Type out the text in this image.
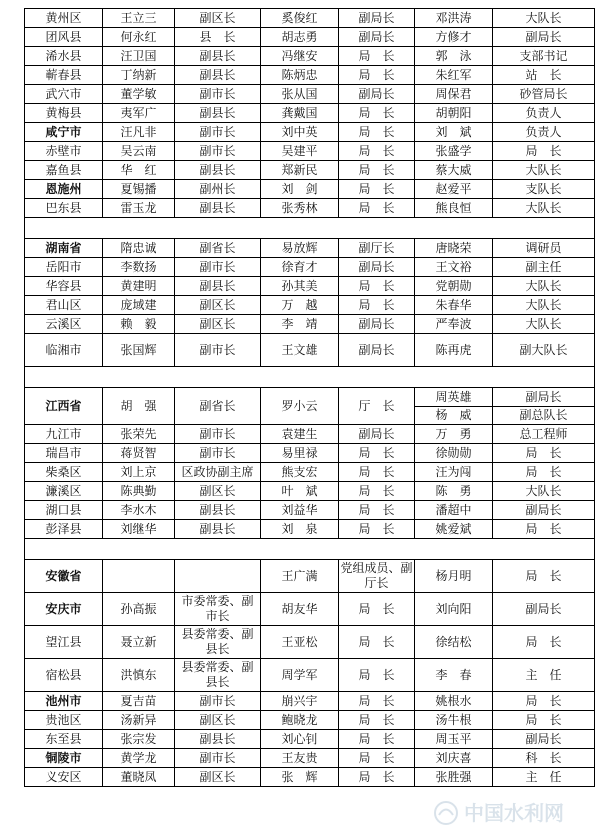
黄州区	王立三	副区长	奚俊红	副局长	邓洪涛	大队长
团风县	何永红	县　长	胡志勇	副局长	方修才	副局长
浠水县	汪卫国	副县长	冯继安	局　长	郭　泳	支部书记
蕲春县	丁纳新	副县长	陈炳忠	局　长	朱红军	站　长
武穴市	董学敏	副市长	张从国	副局长	周保君	砂管局长
黄梅县	夷军广	副县长	龚戴国	局　长	胡朝阳	负责人
咸宁市	汪凡非	副市长	刘中英	局　长	刘　斌	负责人
赤壁市	吴云南	副市长	吴建平	局　长	张盛学	局　长
嘉鱼县	华　红	副县长	郑新民	局　长	蔡大威	大队长
恩施州	夏锡播	副州长	刘　剑	局　长	赵爱平	支队长
巴东县	雷玉龙	副县长	张秀林	局　长	熊良恒	大队长

湖南省	隋忠诚	副省长	易放辉	副厅长	唐晓荣	调研员
岳阳市	李数扬	副市长	徐育才	副局长	王文裕	副主任
华容县	黄建明	副县长	孙其美	局　长	党朝勋	大队长
君山区	庞域建	副区长	万　越	局　长	朱春华	大队长
云溪区	赖　毅	副区长	李　靖	副局长	严奉波	大队长
临湘市	张国辉	副市长	王文雄	副局长	陈再虎	副大队长

江西省	胡　强	副省长	罗小云	厅　长	周英雄	副局长
					杨　威	副总队长
九江市	张荣先	副市长	袁建生	副局长	万　勇	总工程师
瑞昌市	蒋贤智	副市长	易里禄	局　长	徐勋勋	局　长
柴桑区	刘上京	区政协副主席	熊支宏	局　长	汪为闯	局　长
濂溪区	陈典勤	副区长	叶　斌	局　长	陈　勇	大队长
湖口县	李水木	副县长	刘益华	局　长	潘超中	副局长
彭泽县	刘继华	副县长	刘　泉	局　长	姚爱斌	局　长

安徽省			王广满	党组成员、副厅长	杨月明	局　长
安庆市	孙高振	市委常委、副市长	胡友华	局　长	刘向阳	副局长
望江县	聂立新	县委常委、副县长	王亚松	局　长	徐结松	局　长
宿松县	洪慎东	县委常委、副县长	周学军	局　长	李　春	主　任
池州市	夏吉苗	副市长	崩兴宇	局　长	姚根水	局　长
贵池区	汤新异	副区长	鲍晓龙	局　长	汤牛根	局　长
东至县	张宗发	副县长	刘心钊	局　长	周玉平	副局长
铜陵市	黄学龙	副市长	王友贵	局　长	刘庆喜	科　长
义安区	董晓凤	副区长	张　辉	局　长	张胜强	主　任
中国水利网
